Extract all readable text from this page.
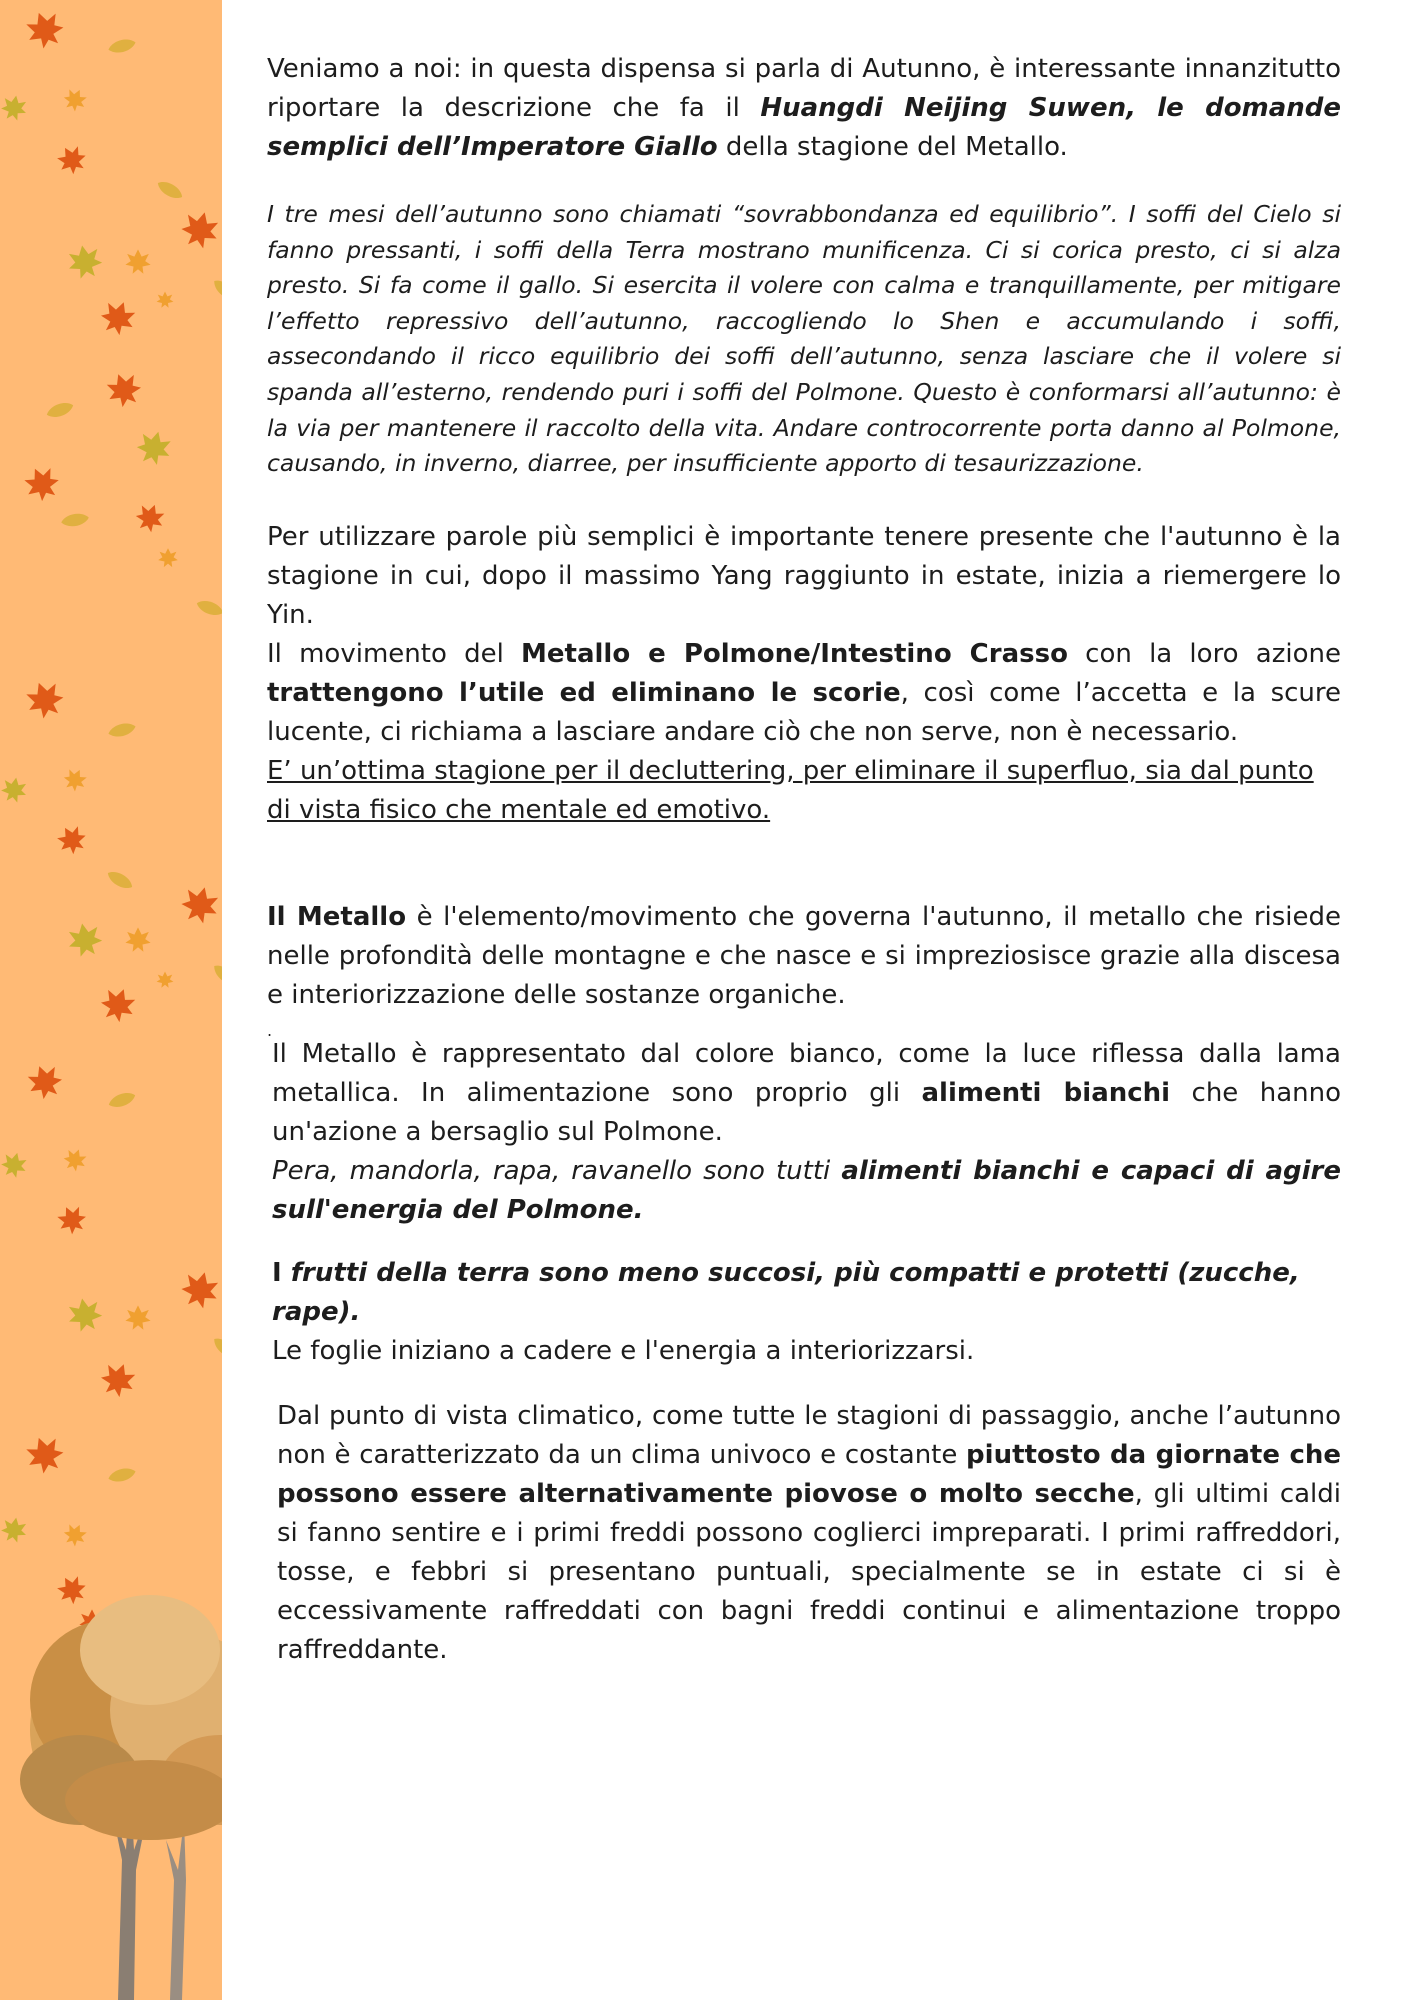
Veniamo a noi: in questa dispensa si parla di Autunno, è interessante innanzitutto riportare la descrizione che fa il Huangdi Neijing Suwen, le domande semplici dell’Imperatore Giallo della stagione del Metallo.

I tre mesi dell’autunno sono chiamati “sovrabbondanza ed equilibrio”. I soffi del Cielo si fanno pressanti, i soffi della Terra mostrano munificenza. Ci si corica presto, ci si alza presto. Si fa come il gallo. Si esercita il volere con calma e tranquillamente, per mitigare l’effetto repressivo dell’autunno, raccogliendo lo Shen e accumulando i soffi, assecondando il ricco equilibrio dei soffi dell’autunno, senza lasciare che il volere si spanda all’esterno, rendendo puri i soffi del Polmone. Questo è conformarsi all’autunno: è la via per mantenere il raccolto della vita. Andare controcorrente porta danno al Polmone, causando, in inverno, diarree, per insufficiente apporto di tesaurizzazione.

Per utilizzare parole più semplici è importante tenere presente che l'autunno è la stagione in cui, dopo il massimo Yang raggiunto in estate, inizia a riemergere lo Yin.

Il movimento del Metallo e Polmone/Intestino Crasso con la loro azione trattengono l’utile ed eliminano le scorie, così come l’accetta e la scure lucente, ci richiama a lasciare andare ciò che non serve, non è necessario.

E’ un’ottima stagione per il decluttering, per eliminare il superfluo, sia dal punto di vista fisico che mentale ed emotivo.

Il Metallo è l'elemento/movimento che governa l'autunno, il metallo che risiede nelle profondità delle montagne e che nasce e si impreziosisce grazie alla discesa e interiorizzazione delle sostanze organiche.

.

Il Metallo è rappresentato dal colore bianco, come la luce riflessa dalla lama metallica. In alimentazione sono proprio gli alimenti bianchi che hanno un'azione a bersaglio sul Polmone.

Pera, mandorla, rapa, ravanello sono tutti alimenti bianchi e capaci di agire sull'energia del Polmone.

I frutti della terra sono meno succosi, più compatti e protetti (zucche, rape).

Le foglie iniziano a cadere e l'energia a interiorizzarsi.

Dal punto di vista climatico, come tutte le stagioni di passaggio, anche l’autunno non è caratterizzato da un clima univoco e costante piuttosto da giornate che possono essere alternativamente piovose o molto secche, gli ultimi caldi si fanno sentire e i primi freddi possono coglierci impreparati. I primi raffreddori, tosse, e febbri si presentano puntuali, specialmente se in estate ci si è eccessivamente raffreddati con bagni freddi continui e alimentazione troppo raffreddante.
